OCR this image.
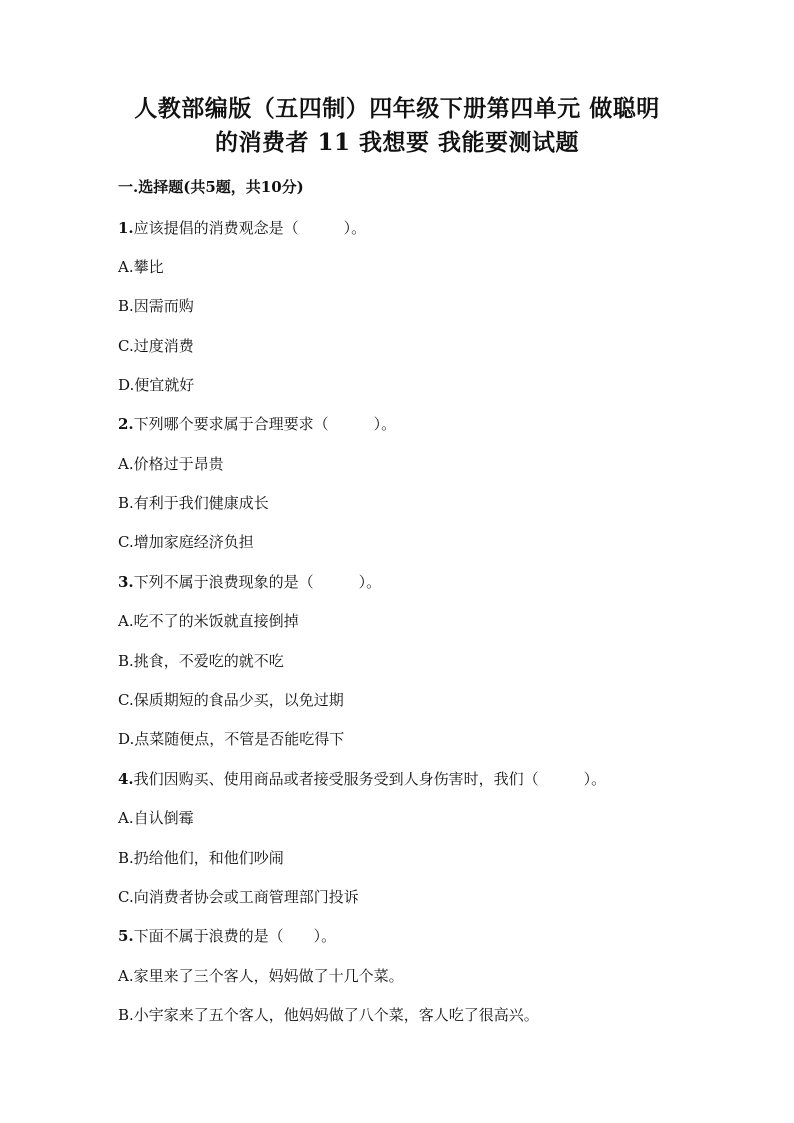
人教部编版（五四制）四年级下册第四单元 做聪明
的消费者 11 我想要 我能要测试题
一.选择题(共5题，共10分)
1.应该提倡的消费观念是（　　　）。
A.攀比
B.因需而购
C.过度消费
D.便宜就好
2.下列哪个要求属于合理要求（　　　）。
A.价格过于昂贵
B.有利于我们健康成长
C.增加家庭经济负担
3.下列不属于浪费现象的是（　　　）。
A.吃不了的米饭就直接倒掉
B.挑食，不爱吃的就不吃
C.保质期短的食品少买，以免过期
D.点菜随便点，不管是否能吃得下
4.我们因购买、使用商品或者接受服务受到人身伤害时，我们（　　　）。
A.自认倒霉
B.扔给他们，和他们吵闹
C.向消费者协会或工商管理部门投诉
5.下面不属于浪费的是（　　）。
A.家里来了三个客人，妈妈做了十几个菜。
B.小宇家来了五个客人，他妈妈做了八个菜，客人吃了很高兴。
